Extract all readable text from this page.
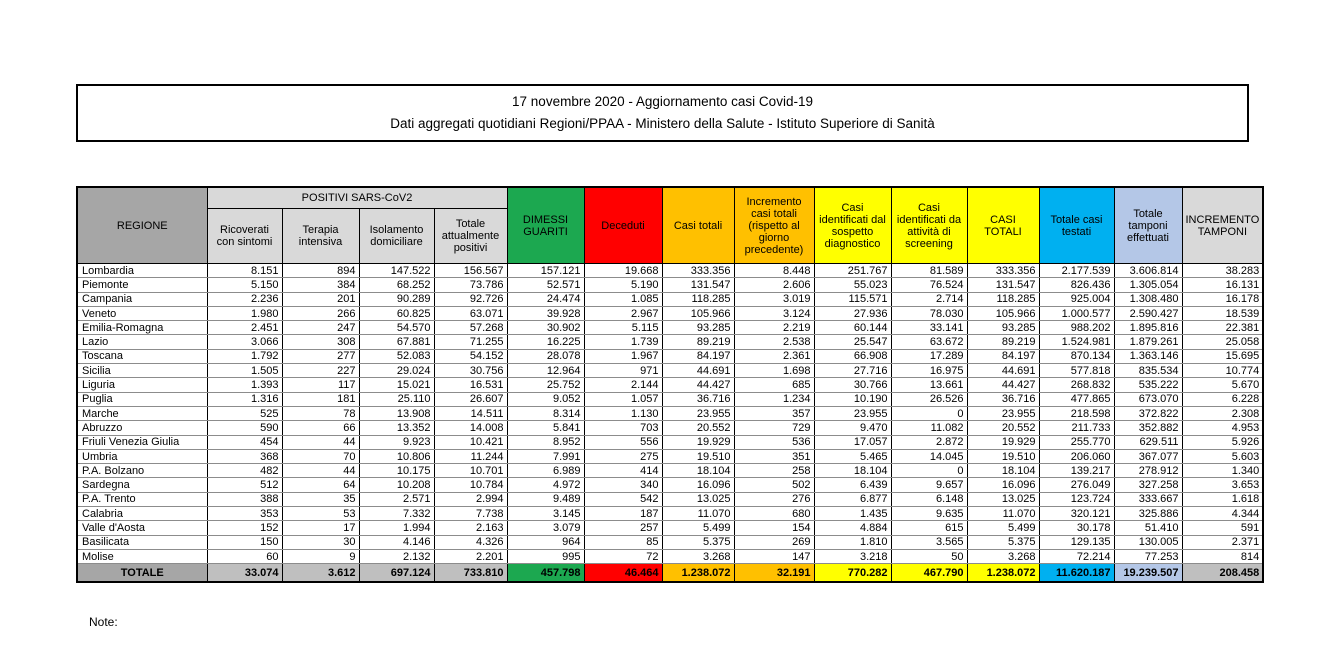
17 novembre 2020 - Aggiornamento casi Covid-19
Dati aggregati quotidiani Regioni/PPAA - Ministero della Salute - Istituto Superiore di Sanità
REGIONE	POSITIVI SARS-CoV2				DIMESSI GUARITI	Deceduti	Casi totali	Incremento casi totali (rispetto al giorno precedente)	Casi identificati dal sospetto diagnostico	Casi identificati da attività di screening	CASI TOTALI	Totale casi testati	Totale tamponi effettuati	INCREMENTO TAMPONI
	Ricoverati con sintomi	Terapia intensiva	Isolamento domiciliare	Totale attualmente positivi										
Lombardia	8.151	894	147.522	156.567	157.121	19.668	333.356	8.448	251.767	81.589	333.356	2.177.539	3.606.814	38.283
Piemonte	5.150	384	68.252	73.786	52.571	5.190	131.547	2.606	55.023	76.524	131.547	826.436	1.305.054	16.131
Campania	2.236	201	90.289	92.726	24.474	1.085	118.285	3.019	115.571	2.714	118.285	925.004	1.308.480	16.178
Veneto	1.980	266	60.825	63.071	39.928	2.967	105.966	3.124	27.936	78.030	105.966	1.000.577	2.590.427	18.539
Emilia-Romagna	2.451	247	54.570	57.268	30.902	5.115	93.285	2.219	60.144	33.141	93.285	988.202	1.895.816	22.381
Lazio	3.066	308	67.881	71.255	16.225	1.739	89.219	2.538	25.547	63.672	89.219	1.524.981	1.879.261	25.058
Toscana	1.792	277	52.083	54.152	28.078	1.967	84.197	2.361	66.908	17.289	84.197	870.134	1.363.146	15.695
Sicilia	1.505	227	29.024	30.756	12.964	971	44.691	1.698	27.716	16.975	44.691	577.818	835.534	10.774
Liguria	1.393	117	15.021	16.531	25.752	2.144	44.427	685	30.766	13.661	44.427	268.832	535.222	5.670
Puglia	1.316	181	25.110	26.607	9.052	1.057	36.716	1.234	10.190	26.526	36.716	477.865	673.070	6.228
Marche	525	78	13.908	14.511	8.314	1.130	23.955	357	23.955	0	23.955	218.598	372.822	2.308
Abruzzo	590	66	13.352	14.008	5.841	703	20.552	729	9.470	11.082	20.552	211.733	352.882	4.953
Friuli Venezia Giulia	454	44	9.923	10.421	8.952	556	19.929	536	17.057	2.872	19.929	255.770	629.511	5.926
Umbria	368	70	10.806	11.244	7.991	275	19.510	351	5.465	14.045	19.510	206.060	367.077	5.603
P.A. Bolzano	482	44	10.175	10.701	6.989	414	18.104	258	18.104	0	18.104	139.217	278.912	1.340
Sardegna	512	64	10.208	10.784	4.972	340	16.096	502	6.439	9.657	16.096	276.049	327.258	3.653
P.A. Trento	388	35	2.571	2.994	9.489	542	13.025	276	6.877	6.148	13.025	123.724	333.667	1.618
Calabria	353	53	7.332	7.738	3.145	187	11.070	680	1.435	9.635	11.070	320.121	325.886	4.344
Valle d'Aosta	152	17	1.994	2.163	3.079	257	5.499	154	4.884	615	5.499	30.178	51.410	591
Basilicata	150	30	4.146	4.326	964	85	5.375	269	1.810	3.565	5.375	129.135	130.005	2.371
Molise	60	9	2.132	2.201	995	72	3.268	147	3.218	50	3.268	72.214	77.253	814
TOTALE	33.074	3.612	697.124	733.810	457.798	46.464	1.238.072	32.191	770.282	467.790	1.238.072	11.620.187	19.239.507	208.458
Note:
